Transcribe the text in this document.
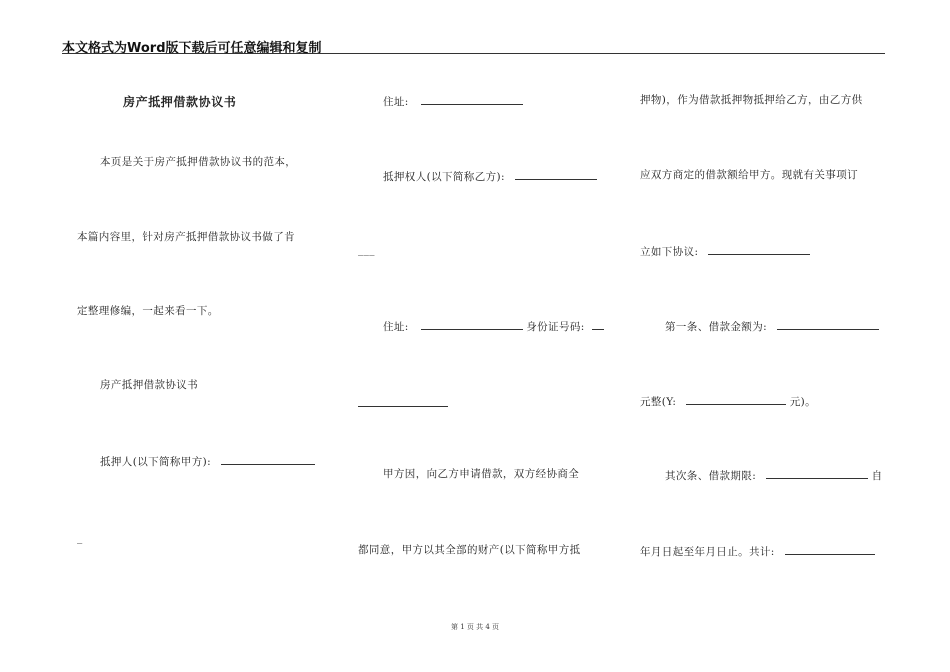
本文格式为Word版下载后可任意编辑和复制
房产抵押借款协议书
本页是关于房产抵押借款协议书的范本，
本篇内容里，针对房产抵押借款协议书做了肯
定整理修编，一起来看一下。
房产抵押借款协议书
抵押人(以下简称甲方):
_
住址:
抵押权人(以下简称乙方):
___
住址:	身份证号码:
甲方因，向乙方申请借款，双方经协商全
都同意，甲方以其全部的财产(以下简称甲方抵
押物)，作为借款抵押物抵押给乙方，由乙方供
应双方商定的借款额给甲方。现就有关事项订
立如下协议:
第一条、借款金额为:
元整(Y:	元)。
其次条、借款期限:	自
年月日起至年月日止。共计:
第 1 页 共 4 页
